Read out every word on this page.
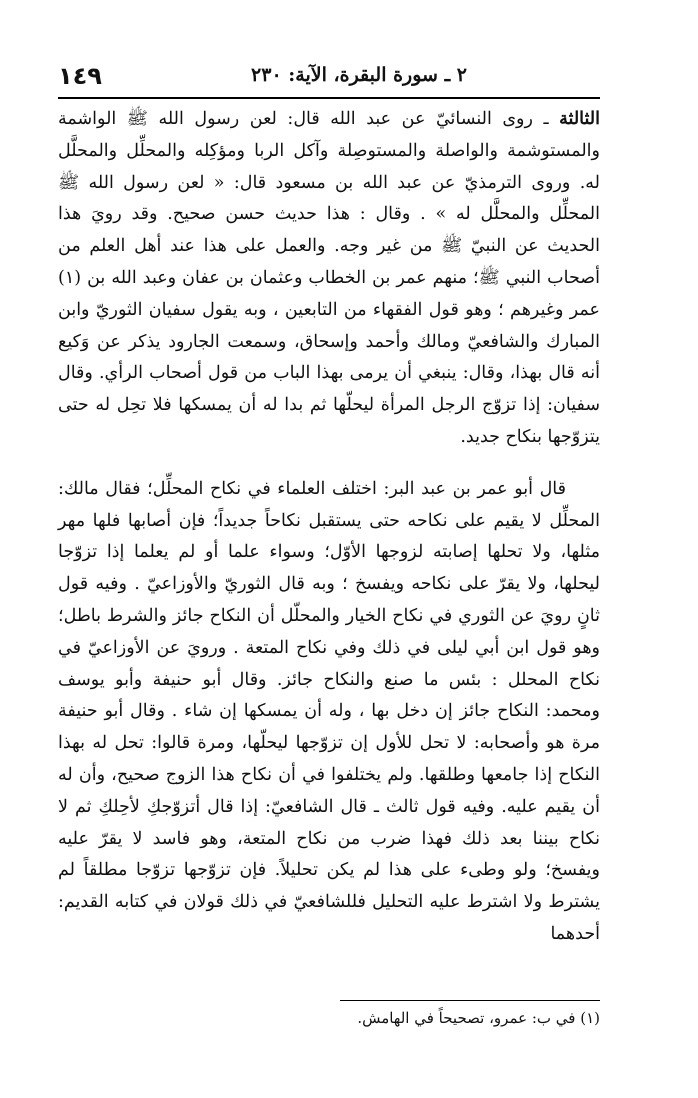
١٤٩	٢ ـ سورة البقرة، الآية: ٢٣٠

الثالثة ـ روى النسائيّ عن عبد الله قال: لعن رسول الله ﷺ الواشمة والمستوشمة والواصلة والمستوصِلة وآكل الربا ومؤكِله والمحلِّل والمحلَّل له. وروى الترمذيّ عن عبد الله بن مسعود قال: « لعن رسول الله ﷺ المحلِّل والمحلَّل له » . وقال : هذا حديث حسن صحيح. وقد رويَ هذا الحديث عن النبيّ ﷺ من غير وجه. والعمل على هذا عند أهل العلم من أصحاب النبي ﷺ؛ منهم عمر بن الخطاب وعثمان بن عفان وعبد الله بن (١) عمر وغيرهم ؛ وهو قول الفقهاء من التابعين ، وبه يقول سفيان الثوريّ وابن المبارك والشافعيّ ومالك وأحمد وإسحاق، وسمعت الجارود يذكر عن وَكيع أنه قال بهذا، وقال: ينبغي أن يرمى بهذا الباب من قول أصحاب الرأي. وقال سفيان: إذا تزوّج الرجل المرأة ليحلّها ثم بدا له أن يمسكها فلا تحِل له حتى يتزوّجها بنكاح جديد.

قال أبو عمر بن عبد البر: اختلف العلماء في نكاح المحلِّل؛ فقال مالك: المحلِّل لا يقيم على نكاحه حتى يستقبل نكاحاً جديداً؛ فإن أصابها فلها مهر مثلها، ولا تحلها إصابته لزوجها الأوّل؛ وسواء علما أو لم يعلما إذا تزوّجا ليحلها، ولا يقرّ على نكاحه ويفسخ ؛ وبه قال الثوريّ والأوزاعيّ . وفيه قول ثانٍ رويَ عن الثوري في نكاح الخيار والمحلّل أن النكاح جائز والشرط باطل؛ وهو قول ابن أبي ليلى في ذلك وفي نكاح المتعة . ورويَ عن الأوزاعيّ في نكاح المحلل : بئس ما صنع والنكاح جائز. وقال أبو حنيفة وأبو يوسف ومحمد: النكاح جائز إن دخل بها ، وله أن يمسكها إن شاء . وقال أبو حنيفة مرة هو وأصحابه: لا تحل للأول إن تزوّجها ليحلّها، ومرة قالوا: تحل له بهذا النكاح إذا جامعها وطلقها. ولم يختلفوا في أن نكاح هذا الزوج صحيح، وأن له أن يقيم عليه. وفيه قول ثالث ـ قال الشافعيّ: إذا قال أتزوّجكِ لأحِلكِ ثم لا نكاح بيننا بعد ذلك فهذا ضرب من نكاح المتعة، وهو فاسد لا يقرّ عليه ويفسخ؛ ولو وطىء على هذا لم يكن تحليلاً. فإن تزوّجها تزوّجا مطلقاً لم يشترط ولا اشترط عليه التحليل فللشافعيّ في ذلك قولان في كتابه القديم: أحدهما

(١) في ب: عمرو، تصحيحاً في الهامش.
